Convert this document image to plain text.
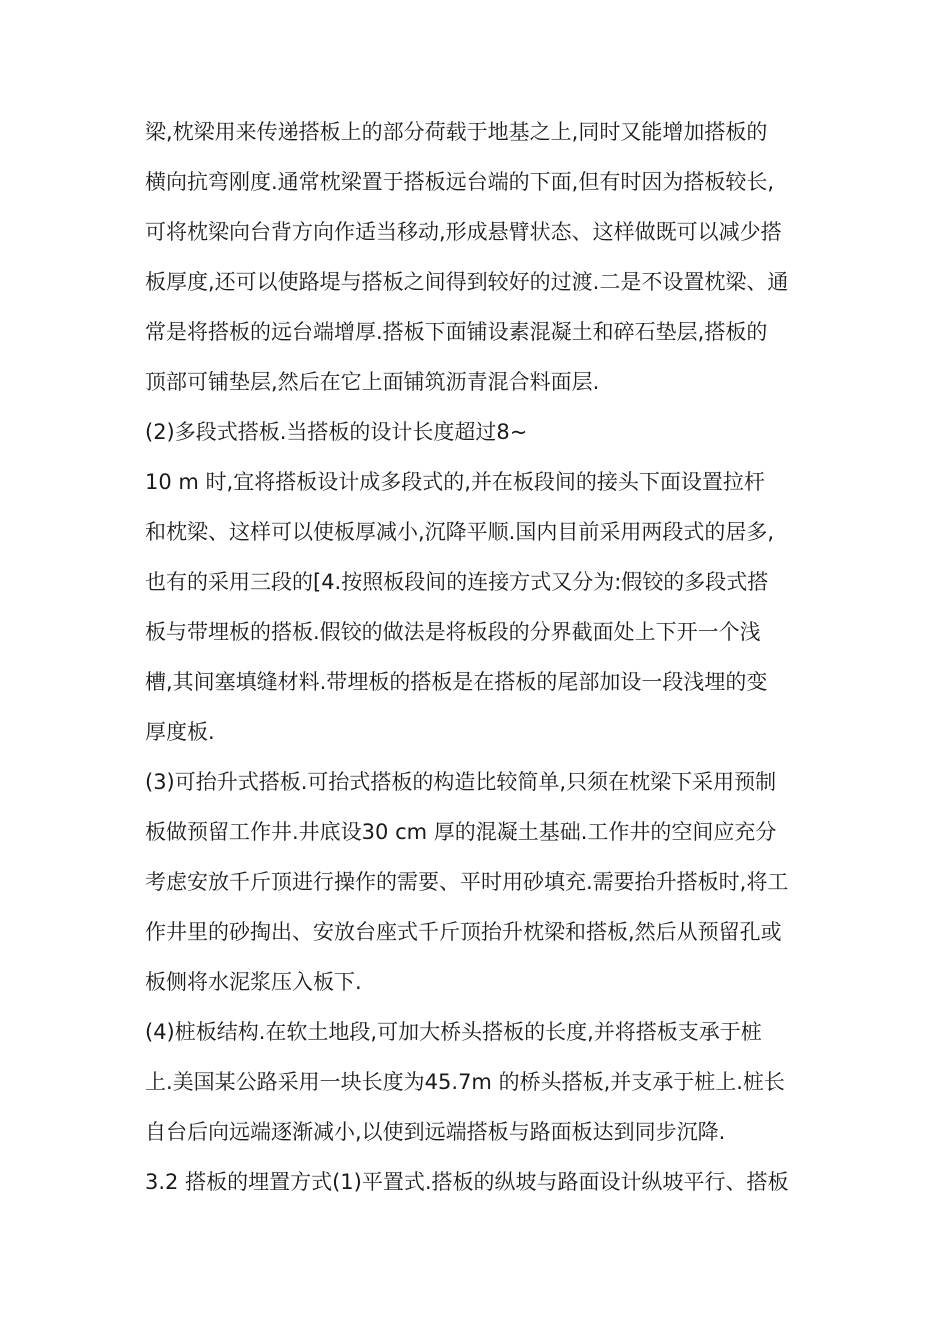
梁,枕梁用来传递搭板上的部分荷载于地基之上,同时又能增加搭板的
横向抗弯刚度.通常枕梁置于搭板远台端的下面,但有时因为搭板较长,
可将枕梁向台背方向作适当移动,形成悬臂状态、这样做既可以减少搭
板厚度,还可以使路堤与搭板之间得到较好的过渡.二是不设置枕梁、通
常是将搭板的远台端增厚.搭板下面铺设素混凝土和碎石垫层,搭板的
顶部可铺垫层,然后在它上面铺筑沥青混合料面层.
(2)多段式搭板.当搭板的设计长度超过8~
10 m 时,宜将搭板设计成多段式的,并在板段间的接头下面设置拉杆
和枕梁、这样可以使板厚减小,沉降平顺.国内目前采用两段式的居多,
也有的采用三段的[4.按照板段间的连接方式又分为:假铰的多段式搭
板与带埋板的搭板.假铰的做法是将板段的分界截面处上下开一个浅
槽,其间塞填缝材料.带埋板的搭板是在搭板的尾部加设一段浅埋的变
厚度板.
(3)可抬升式搭板.可抬式搭板的构造比较简单,只须在枕梁下采用预制
板做预留工作井.井底设30 cm 厚的混凝土基础.工作井的空间应充分
考虑安放千斤顶进行操作的需要、平时用砂填充.需要抬升搭板时,将工
作井里的砂掏出、安放台座式千斤顶抬升枕梁和搭板,然后从预留孔或
板侧将水泥浆压入板下.
(4)桩板结构.在软土地段,可加大桥头搭板的长度,并将搭板支承于桩
上.美国某公路采用一块长度为45.7m 的桥头搭板,并支承于桩上.桩长
自台后向远端逐渐减小,以使到远端搭板与路面板达到同步沉降.
3.2 搭板的埋置方式(1)平置式.搭板的纵坡与路面设计纵坡平行、搭板
